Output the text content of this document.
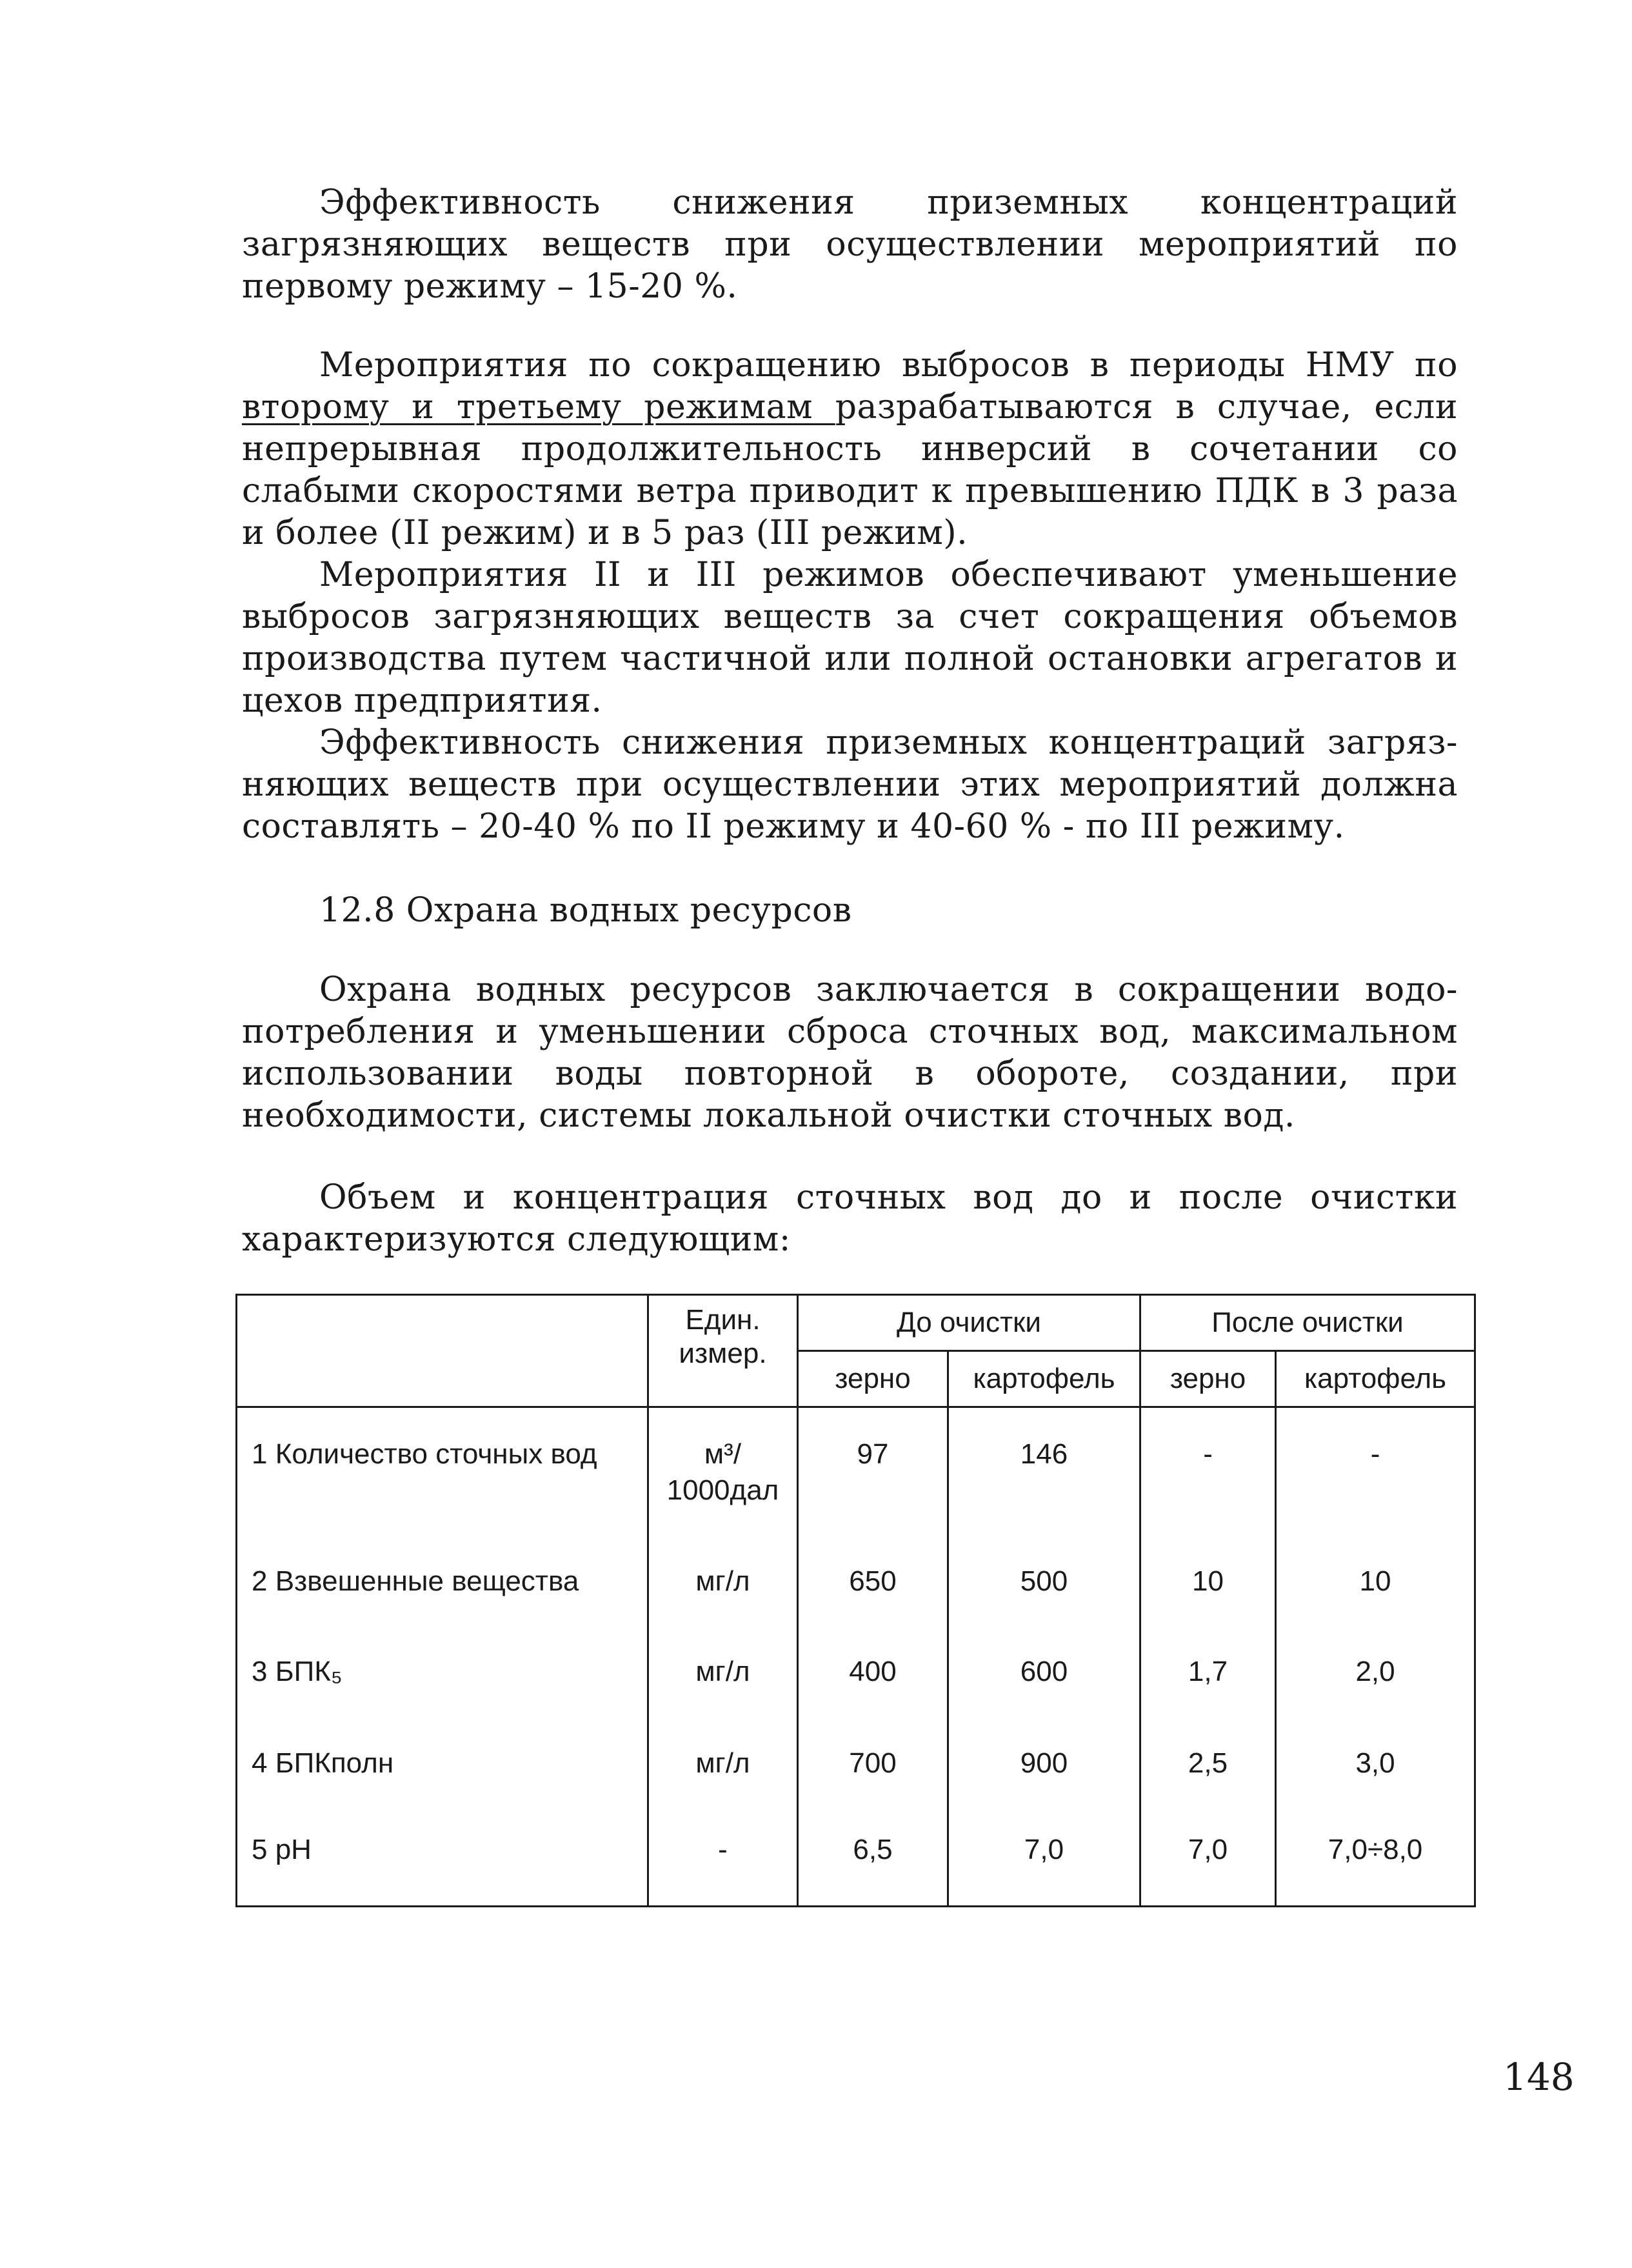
Эффективность снижения приземных концентраций
загрязняющих веществ при осуществлении мероприятий по
первому режиму – 15-20 %.
Мероприятия по сокращению выбросов в периоды НМУ по
второму и третьему режимам разрабатываются в случае, если
непрерывная продолжительность инверсий в сочетании со
слабыми скоростями ветра приводит к превышению ПДК в 3 раза
и более (II режим) и в 5 раз (III режим).
Мероприятия II и III режимов обеспечивают уменьшение
выбросов загрязняющих веществ за счет сокращения объемов
производства путем частичной или полной остановки агрегатов и
цехов предприятия.
Эффективность снижения приземных концентраций загряз-
няющих веществ при осуществлении этих мероприятий должна
составлять – 20-40 % по II режиму и 40-60 % - по III режиму.
12.8 Охрана водных ресурсов
Охрана водных ресурсов заключается в сокращении водо-
потребления и уменьшении сброса сточных вод, максимальном
использовании воды повторной в обороте, создании, при
необходимости, системы локальной очистки сточных вод.
Объем и концентрация сточных вод до и после очистки
характеризуются следующим:

	Един.
измер.	До очистки		После очистки	
		зерно	картофель	зерно	картофель

1 Количество сточных вод	м³/
1000дал	97	146	-	-

2 Взвешенные вещества	мг/л	650	500	10	10

3 БПК₅	мг/л	400	600	1,7	2,0

4 БПКполн	мг/л	700	900	2,5	3,0

5 рН	-	6,5	7,0	7,0	7,0÷8,0
148
